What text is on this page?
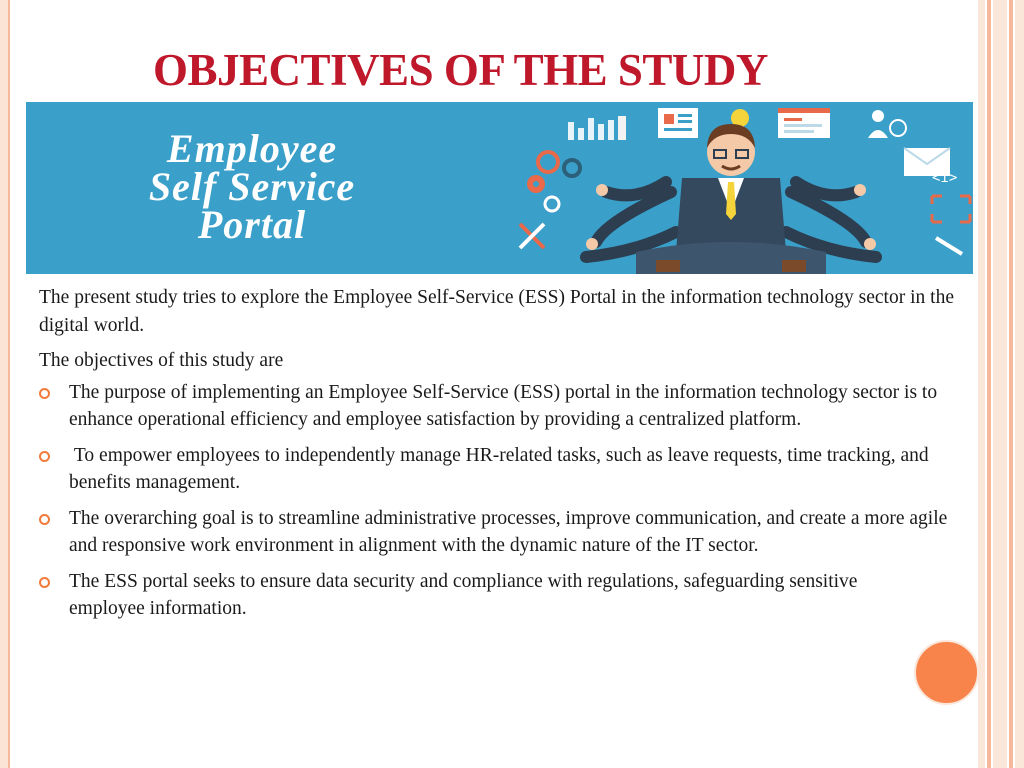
OBJECTIVES OF THE STUDY
Employee
Self Service
Portal
<i>

The present study tries to explore the Employee Self-Service (ESS) Portal in the information technology sector in the digital world.

The objectives of this study are

The purpose of implementing an Employee Self-Service (ESS) portal in the information technology sector is to enhance operational efficiency and employee satisfaction by providing a centralized platform.
To empower employees to independently manage HR-related tasks, such as leave requests, time tracking, and benefits management.
The overarching goal is to streamline administrative processes, improve communication, and create a more agile and responsive work environment in alignment with the dynamic nature of the IT sector.
The ESS portal seeks to ensure data security and compliance with regulations, safeguarding sensitive employee information.
